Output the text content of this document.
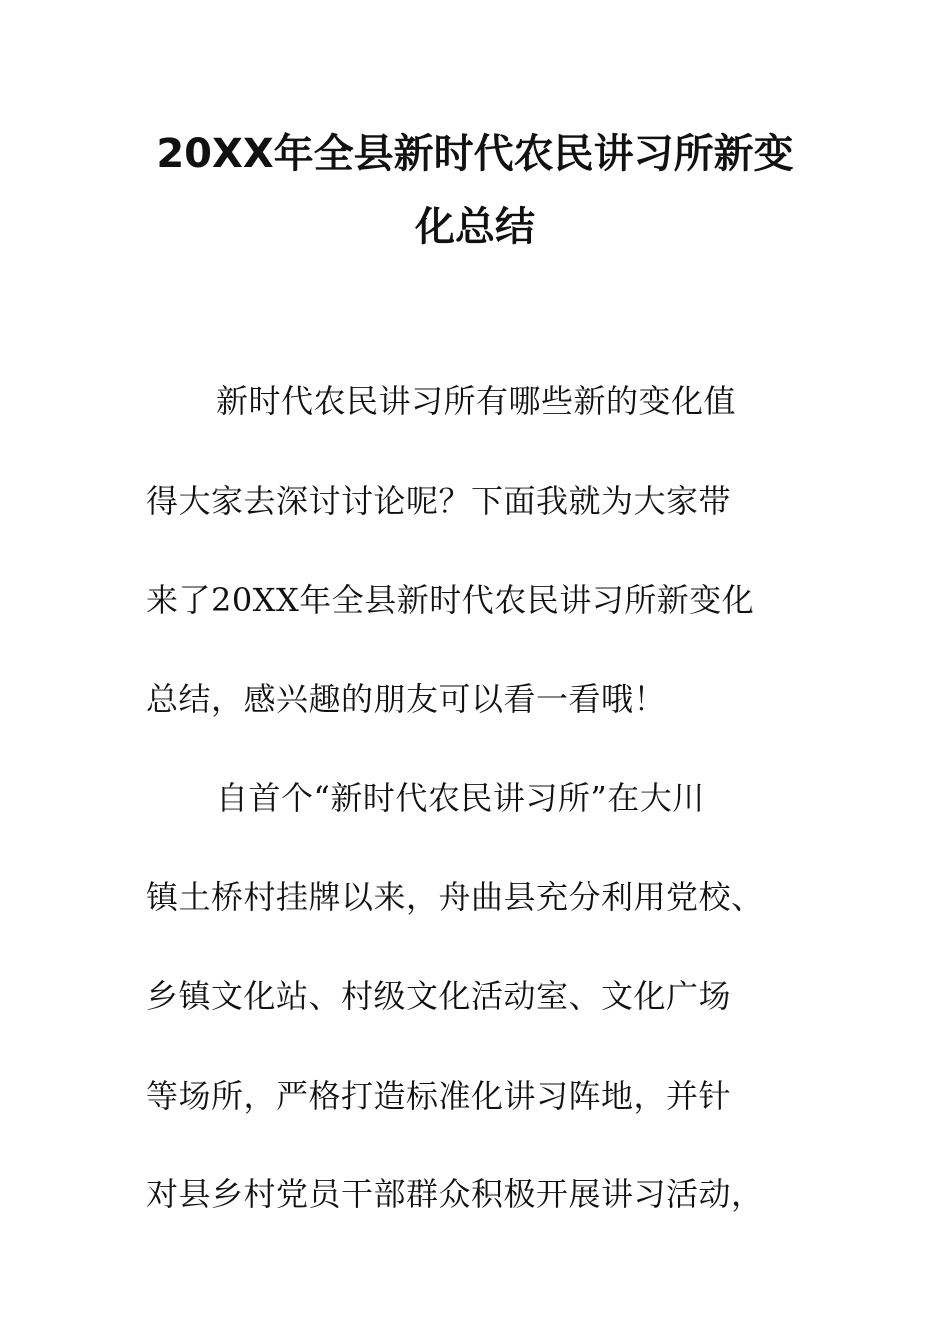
20XX年全县新时代农民讲习所新变
化总结
新时代农民讲习所有哪些新的变化值
得大家去深讨讨论呢？下面我就为大家带
来了20XX年全县新时代农民讲习所新变化
总结，感兴趣的朋友可以看一看哦！
自首个“新时代农民讲习所”在大川
镇土桥村挂牌以来，舟曲县充分利用党校、
乡镇文化站、村级文化活动室、文化广场
等场所，严格打造标准化讲习阵地，并针
对县乡村党员干部群众积极开展讲习活动，
